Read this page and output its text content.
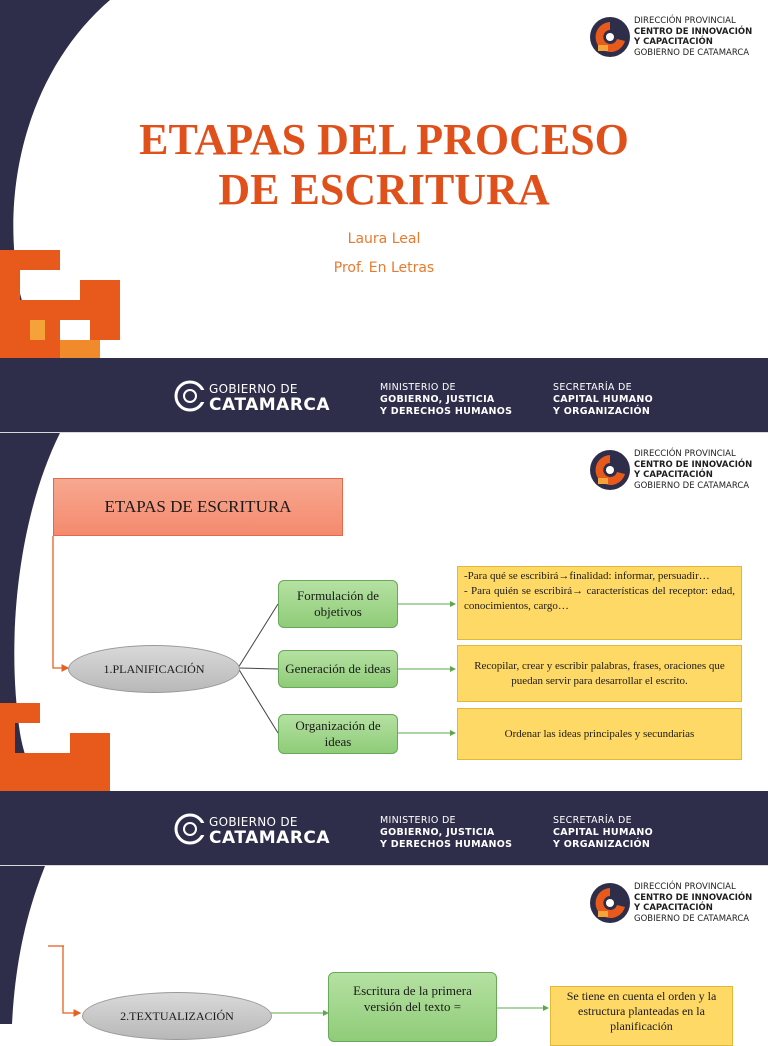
DIRECCIÓN PROVINCIAL
CENTRO DE INNOVACIÓN
Y CAPACITACIÓN
GOBIERNO DE CATAMARCA
ETAPAS DEL PROCESO
DE ESCRITURA
Laura Leal
Prof. En Letras
GOBIERNO DE
CATAMARCA
MINISTERIO DE
GOBIERNO, JUSTICIA
Y DERECHOS HUMANOS
SECRETARÍA DE
CAPITAL HUMANO
Y ORGANIZACIÓN
DIRECCIÓN PROVINCIAL
CENTRO DE INNOVACIÓN
Y CAPACITACIÓN
GOBIERNO DE CATAMARCA
ETAPAS DE ESCRITURA
1.PLANIFICACIÓN
Formulación de objetivos
Generación de ideas
Organización de ideas
-Para qué se escribirá→finalidad: informar, persuadir…
- Para quién se escribirá→ características del receptor: edad, conocimientos, cargo…
Recopilar, crear y escribir palabras, frases, oraciones que puedan servir para desarrollar el escrito.
Ordenar las ideas principales y secundarias
GOBIERNO DE
CATAMARCA
MINISTERIO DE
GOBIERNO, JUSTICIA
Y DERECHOS HUMANOS
SECRETARÍA DE
CAPITAL HUMANO
Y ORGANIZACIÓN
DIRECCIÓN PROVINCIAL
CENTRO DE INNOVACIÓN
Y CAPACITACIÓN
GOBIERNO DE CATAMARCA
2.TEXTUALIZACIÓN
Escritura de la primera versión del texto =
Se tiene en cuenta el orden y la estructura planteadas en la planificación
